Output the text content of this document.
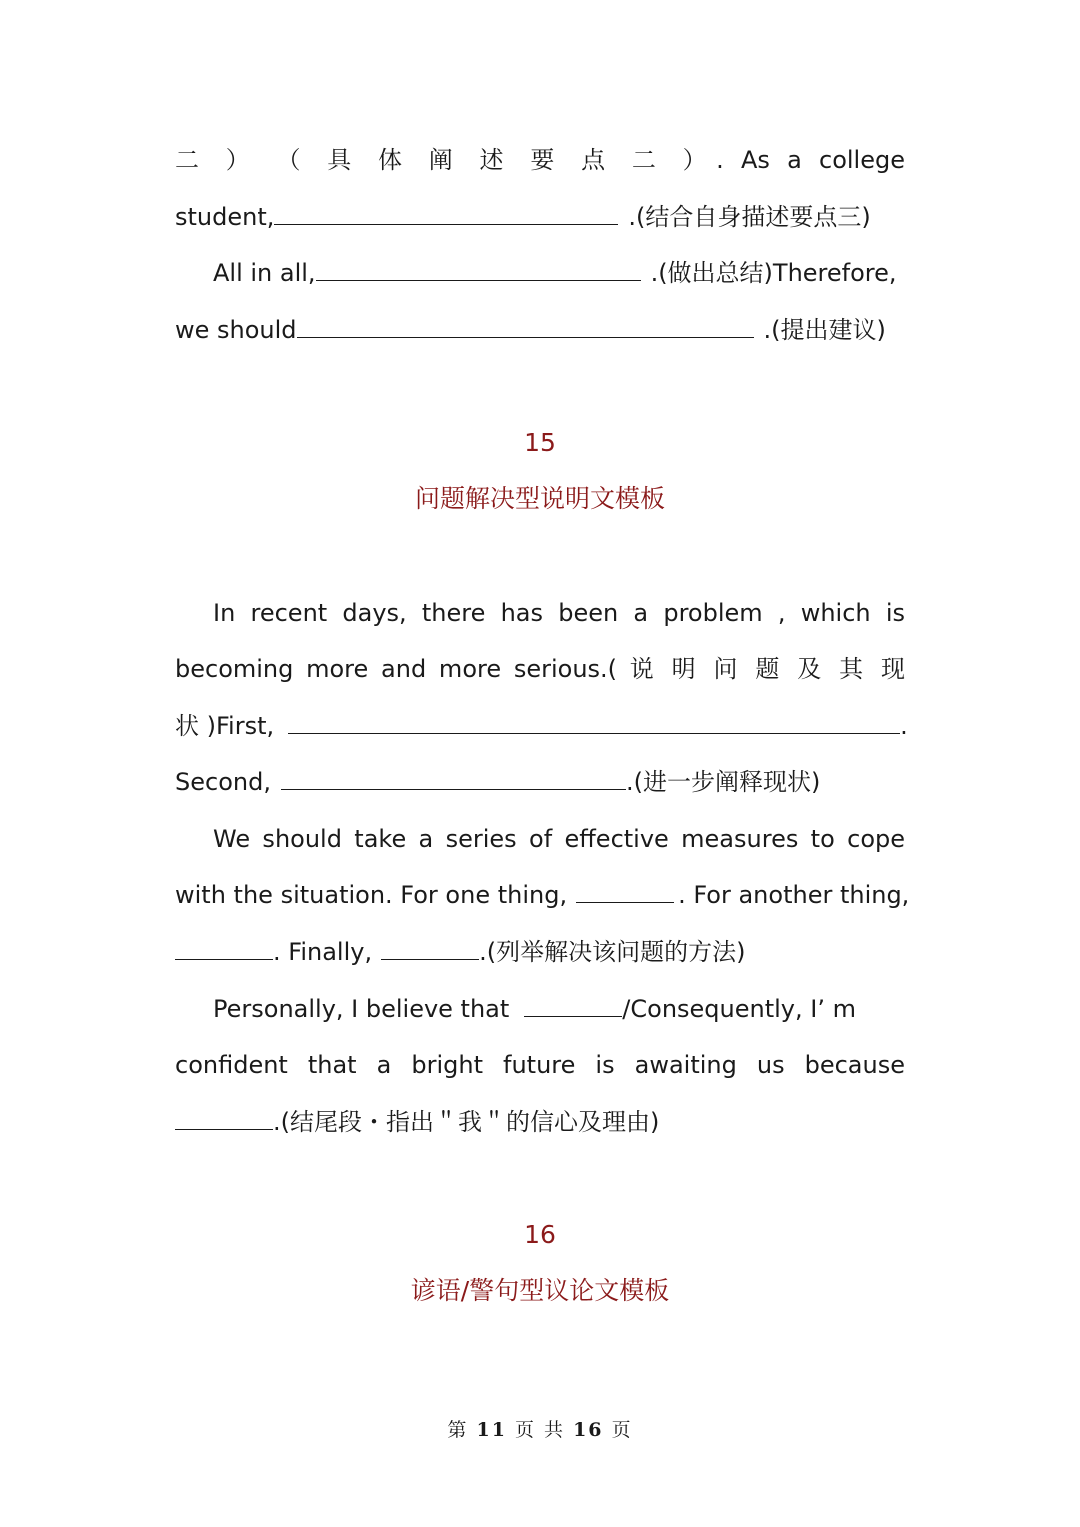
二 ） （ 具 体 阐 述 要 点 二 ）. As a college
student,	.(结合自身描述要点三)
All in all,	.(做出总结)Therefore,
we should	.(提出建议)
15
问题解决型说明文模板
In recent days, there has been a problem , which is
becoming more and more serious.( 说 明 问 题 及 其 现
状 )First,	.
Second,	.(进一步阐释现状)
We should take a series of effective measures to cope
with the situation. For one thing,	. For another thing,
. Finally,	.(列举解决该问题的方法)
Personally, I believe that	/Consequently, I’ m
confident that a bright future is awaiting us because
.(结尾段・指出＂我＂的信心及理由)
16
谚语/警句型议论文模板
第 11 页 共 16 页
